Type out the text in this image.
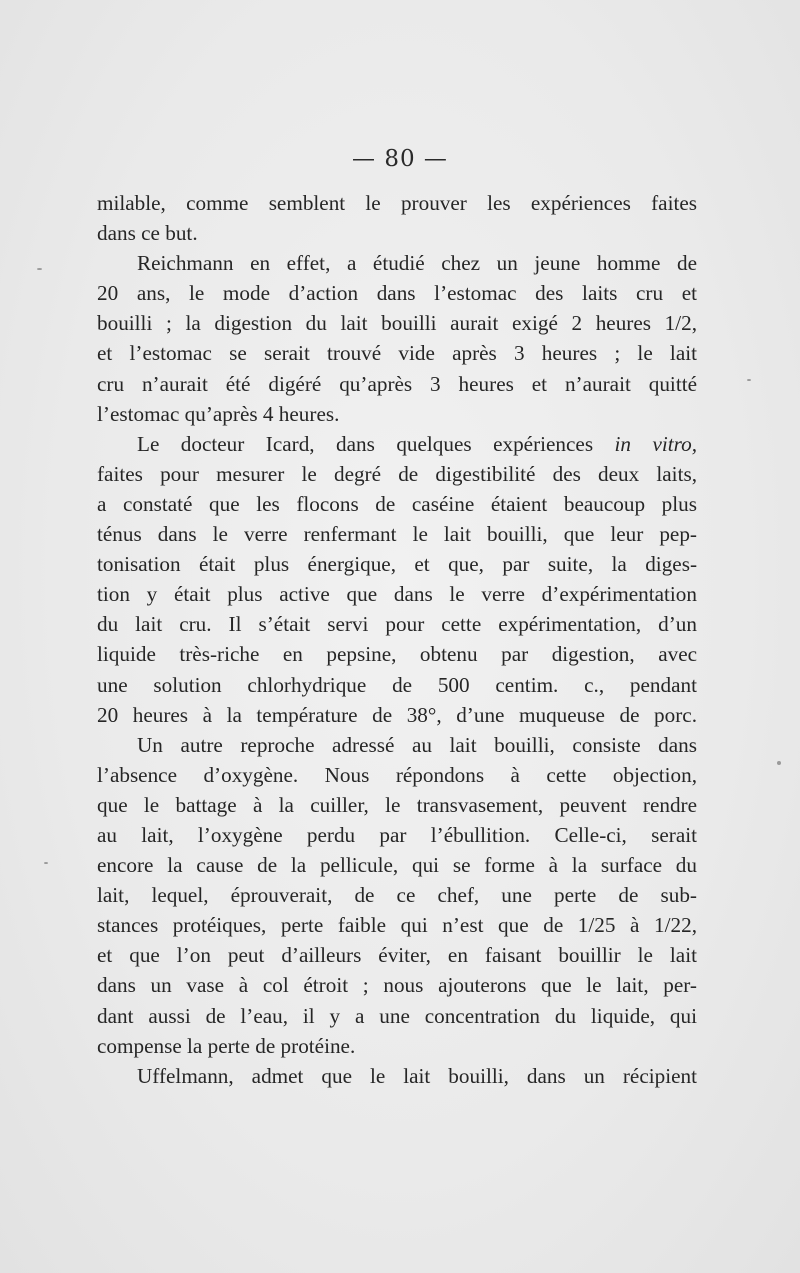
— 80 —
milable, comme semblent le prouver les expériences faites
dans ce but.
Reichmann en effet, a étudié chez un jeune homme de
20 ans, le mode d’action dans l’estomac des laits cru et
bouilli ; la digestion du lait bouilli aurait exigé 2 heures 1/2,
et l’estomac se serait trouvé vide après 3 heures ; le lait
cru n’aurait été digéré qu’après 3 heures et n’aurait quitté
l’estomac qu’après 4 heures.
Le docteur Icard, dans quelques expériences in vitro,
faites pour mesurer le degré de digestibilité des deux laits,
a constaté que les flocons de caséine étaient beaucoup plus
ténus dans le verre renfermant le lait bouilli, que leur pep-
tonisation était plus énergique, et que, par suite, la diges-
tion y était plus active que dans le verre d’expérimentation
du lait cru. Il s’était servi pour cette expérimentation, d’un
liquide très-riche en pepsine, obtenu par digestion, avec
une solution chlorhydrique de 500 centim. c., pendant
20 heures à la température de 38°, d’une muqueuse de porc.
Un autre reproche adressé au lait bouilli, consiste dans
l’absence d’oxygène. Nous répondons à cette objection,
que le battage à la cuiller, le transvasement, peuvent rendre
au lait, l’oxygène perdu par l’ébullition. Celle-ci, serait
encore la cause de la pellicule, qui se forme à la surface du
lait, lequel, éprouverait, de ce chef, une perte de sub-
stances protéiques, perte faible qui n’est que de 1/25 à 1/22,
et que l’on peut d’ailleurs éviter, en faisant bouillir le lait
dans un vase à col étroit ; nous ajouterons que le lait, per-
dant aussi de l’eau, il y a une concentration du liquide, qui
compense la perte de protéine.
Uffelmann, admet que le lait bouilli, dans un récipient
